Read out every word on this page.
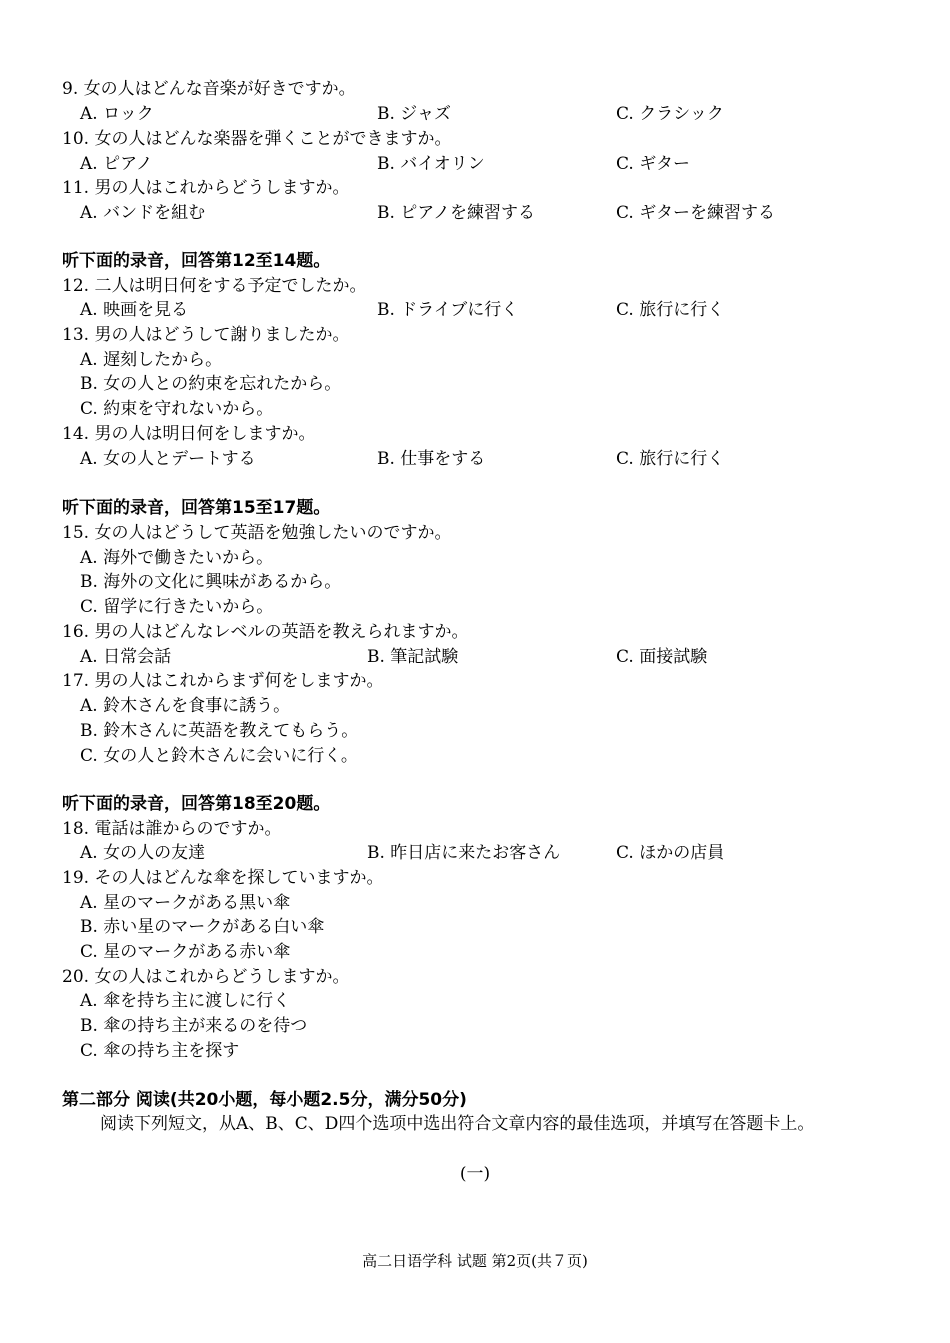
9. 女の人はどんな音楽が好きですか。
A. ロック	B. ジャズ	C. クラシック
10. 女の人はどんな楽器を弾くことができますか。
A. ピアノ	B. バイオリン	C. ギター
11. 男の人はこれからどうしますか。
A. バンドを組む	B. ピアノを練習する	C. ギターを練習する
听下面的录音，回答第12至14题。
12. 二人は明日何をする予定でしたか。
A. 映画を見る	B. ドライブに行く	C. 旅行に行く
13. 男の人はどうして謝りましたか。
A. 遅刻したから。
B. 女の人との約束を忘れたから。
C. 約束を守れないから。
14. 男の人は明日何をしますか。
A. 女の人とデートする	B. 仕事をする	C. 旅行に行く
听下面的录音，回答第15至17题。
15. 女の人はどうして英語を勉強したいのですか。
A. 海外で働きたいから。
B. 海外の文化に興味があるから。
C. 留学に行きたいから。
16. 男の人はどんなレベルの英語を教えられますか。
A. 日常会話	B. 筆記試験	C. 面接試験
17. 男の人はこれからまず何をしますか。
A. 鈴木さんを食事に誘う。
B. 鈴木さんに英語を教えてもらう。
C. 女の人と鈴木さんに会いに行く。
听下面的录音，回答第18至20题。
18. 電話は誰からのですか。
A. 女の人の友達	B. 昨日店に来たお客さん	C. ほかの店員
19. その人はどんな傘を探していますか。
A. 星のマークがある黒い傘
B. 赤い星のマークがある白い傘
C. 星のマークがある赤い傘
20. 女の人はこれからどうしますか。
A. 傘を持ち主に渡しに行く
B. 傘の持ち主が来るのを待つ
C. 傘の持ち主を探す
第二部分 阅读(共20小题，每小题2.5分，满分50分)
阅读下列短文，从A、B、C、D四个选项中选出符合文章内容的最佳选项，并填写在答题卡上。
(一)
高二日语学科 试题 第2页(共７页)
